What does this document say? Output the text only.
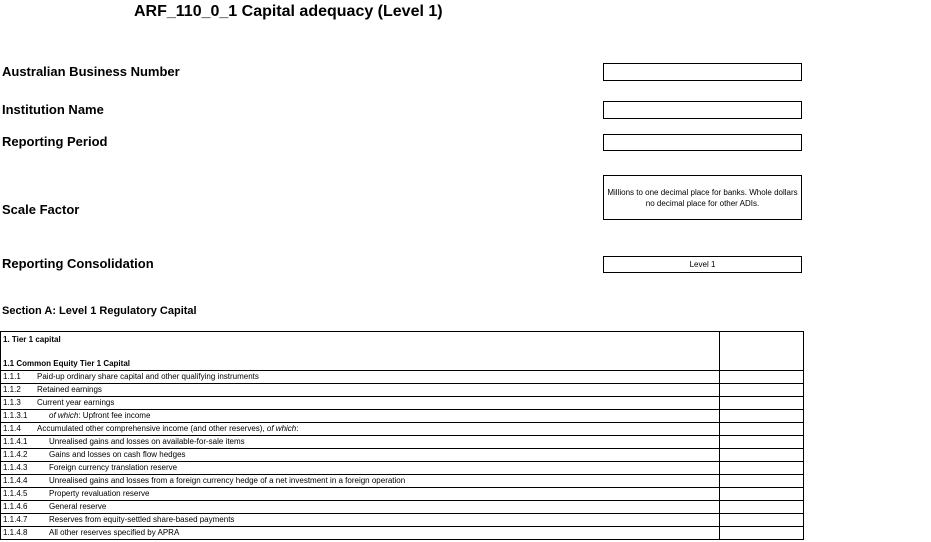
ARF_110_0_1 Capital adequacy (Level 1)
Australian Business Number
Institution Name
Reporting Period
Scale Factor
Millions to one decimal place for banks. Whole dollars no decimal place for other ADIs.
Reporting Consolidation	Level 1
Section A: Level 1 Regulatory Capital
1. Tier 1 capital
1.1 Common Equity Tier 1 Capital
1.1.1 Paid-up ordinary share capital and other qualifying instruments
1.1.2 Retained earnings
1.1.3 Current year earnings
1.1.3.1	of which: Upfront fee income
1.1.4 Accumulated other comprehensive income (and other reserves), of which:
1.1.4.1	Unrealised gains and losses on available-for-sale items
1.1.4.2	Gains and losses on cash flow hedges
1.1.4.3	Foreign currency translation reserve
1.1.4.4	Unrealised gains and losses from a foreign currency hedge of a net investment in a foreign operation
1.1.4.5	Property revaluation reserve
1.1.4.6	General reserve
1.1.4.7	Reserves from equity-settled share-based payments
1.1.4.8	All other reserves specified by APRA
